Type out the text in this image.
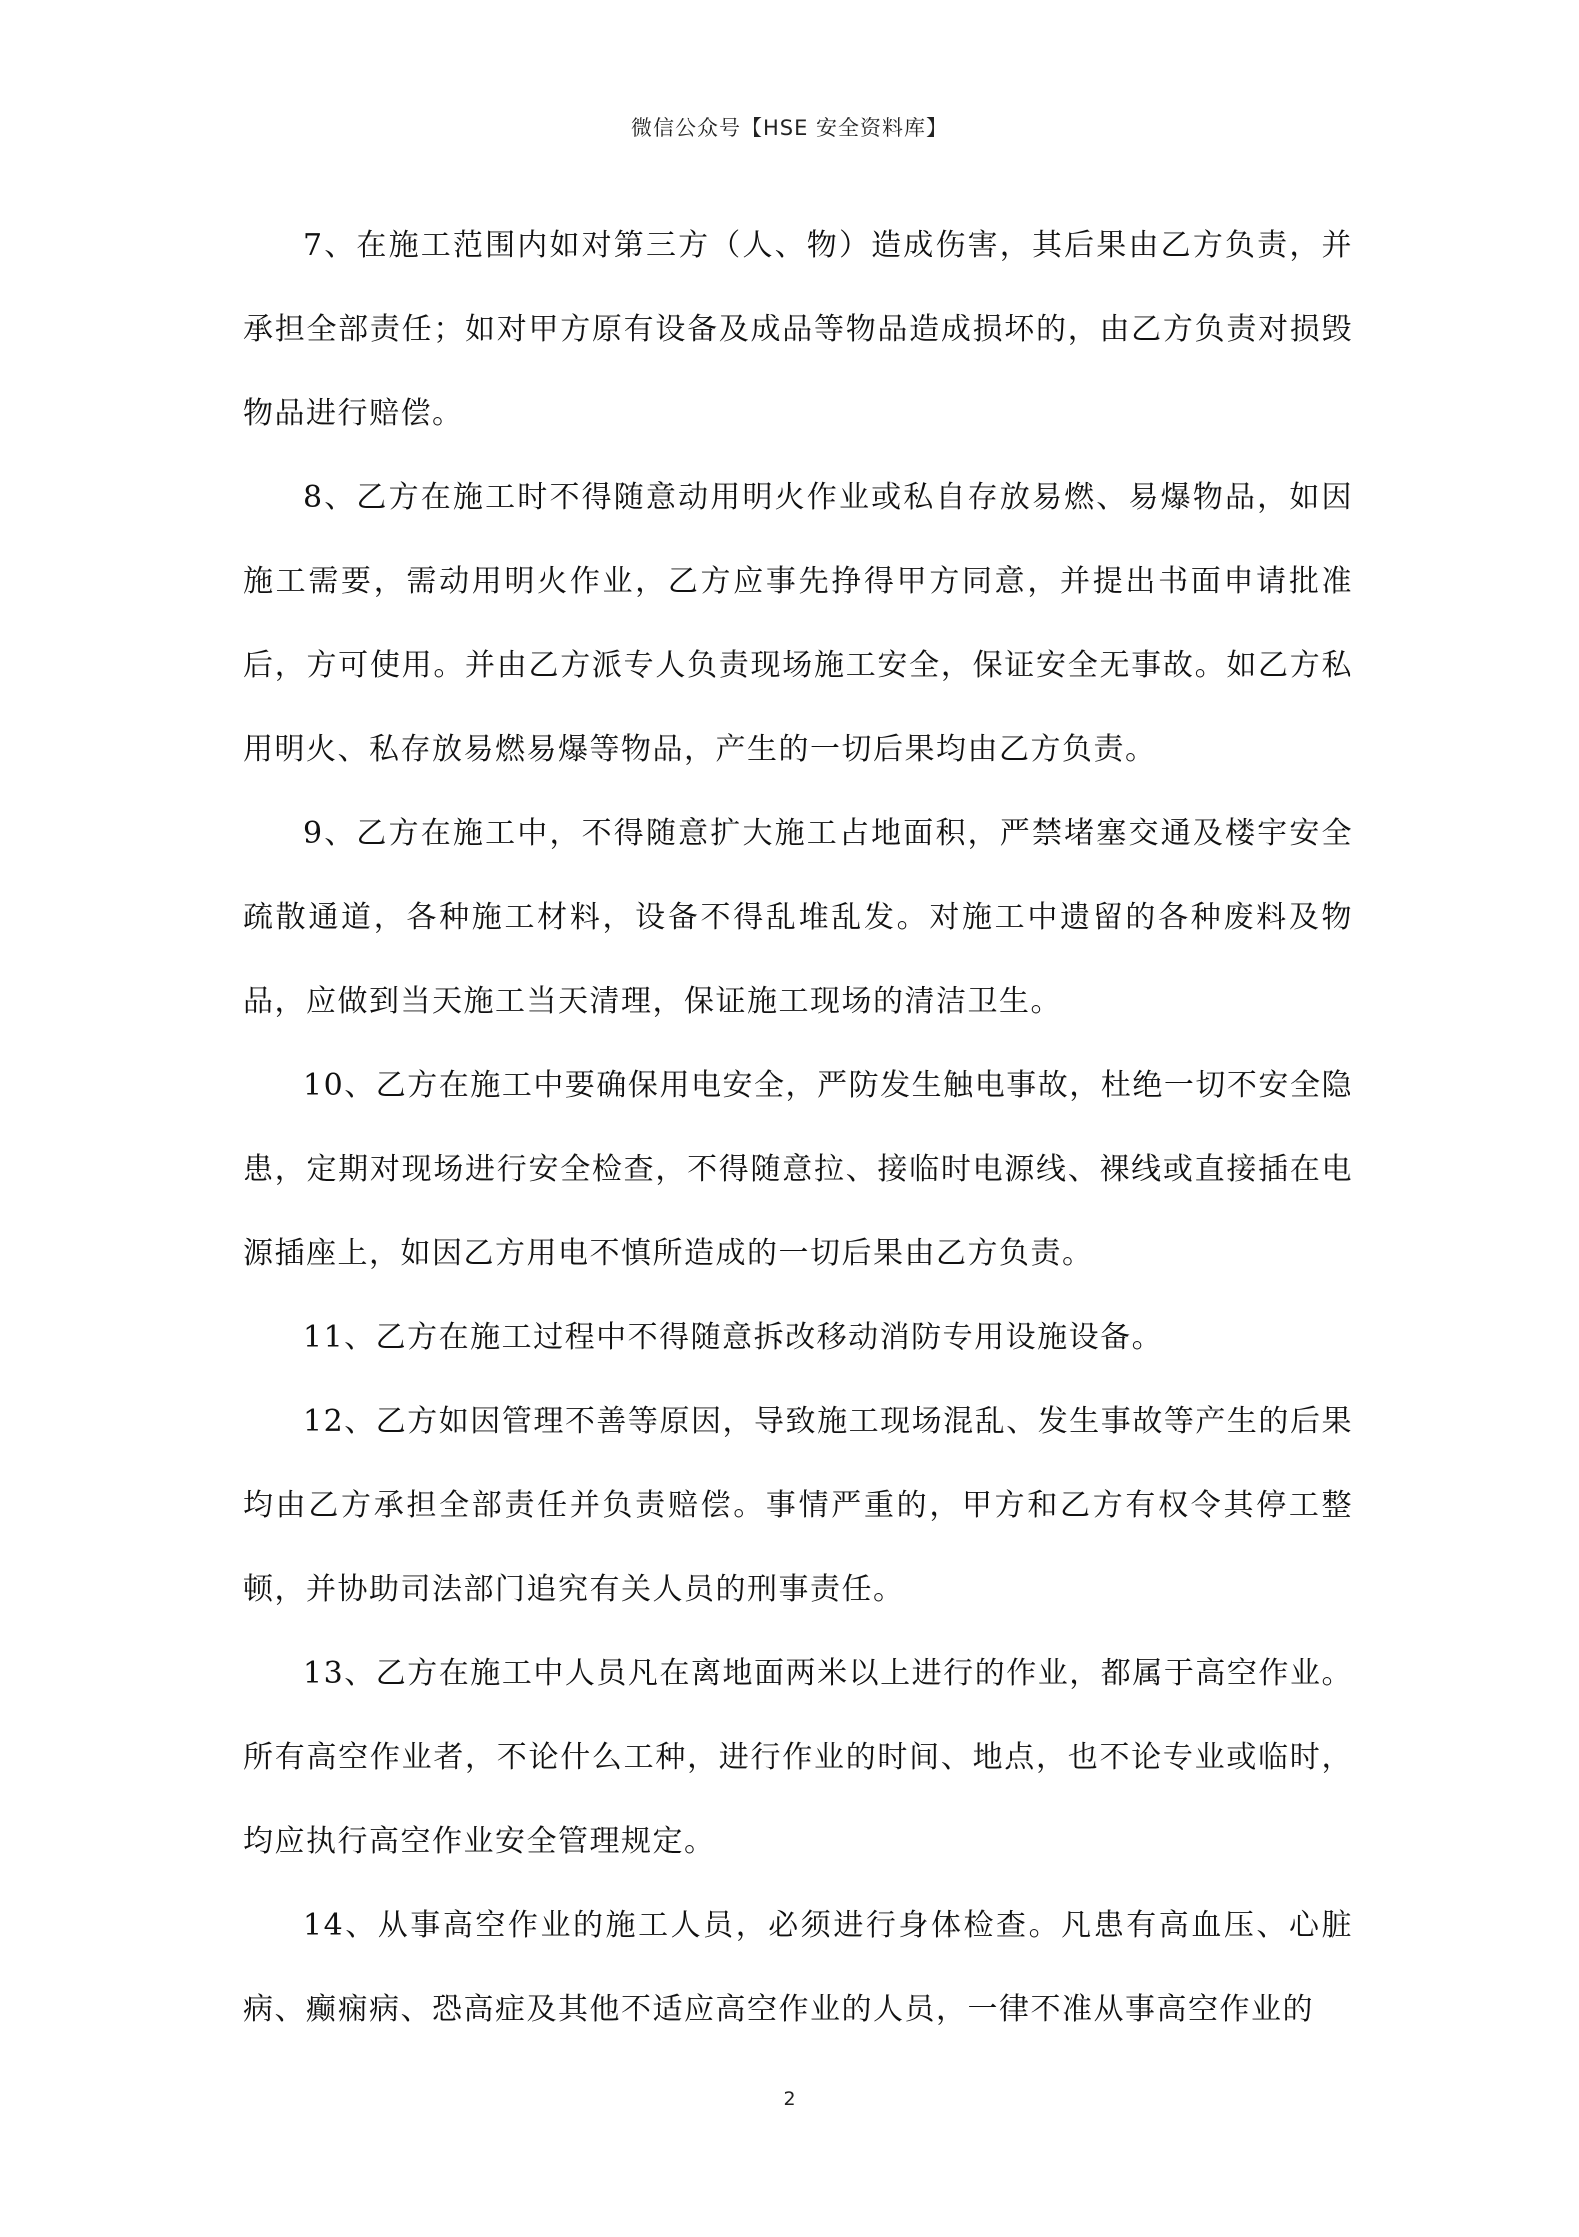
微信公众号【HSE 安全资料库】

7、在施工范围内如对第三方（人、物）造成伤害，其后果由乙方负责，并承担全部责任；如对甲方原有设备及成品等物品造成损坏的，由乙方负责对损毁物品进行赔偿。

8、乙方在施工时不得随意动用明火作业或私自存放易燃、易爆物品，如因施工需要，需动用明火作业，乙方应事先挣得甲方同意，并提出书面申请批准后，方可使用。并由乙方派专人负责现场施工安全，保证安全无事故。如乙方私用明火、私存放易燃易爆等物品，产生的一切后果均由乙方负责。

9、乙方在施工中，不得随意扩大施工占地面积，严禁堵塞交通及楼宇安全疏散通道，各种施工材料，设备不得乱堆乱发。对施工中遗留的各种废料及物品，应做到当天施工当天清理，保证施工现场的清洁卫生。

10、乙方在施工中要确保用电安全，严防发生触电事故，杜绝一切不安全隐患，定期对现场进行安全检查，不得随意拉、接临时电源线、裸线或直接插在电源插座上，如因乙方用电不慎所造成的一切后果由乙方负责。

11、乙方在施工过程中不得随意拆改移动消防专用设施设备。

12、乙方如因管理不善等原因，导致施工现场混乱、发生事故等产生的后果均由乙方承担全部责任并负责赔偿。事情严重的，甲方和乙方有权令其停工整顿，并协助司法部门追究有关人员的刑事责任。

13、乙方在施工中人员凡在离地面两米以上进行的作业，都属于高空作业。所有高空作业者，不论什么工种，进行作业的时间、地点，也不论专业或临时，均应执行高空作业安全管理规定。

14、从事高空作业的施工人员，必须进行身体检查。凡患有高血压、心脏病、癫痫病、恐高症及其他不适应高空作业的人员，一律不准从事高空作业的

2
